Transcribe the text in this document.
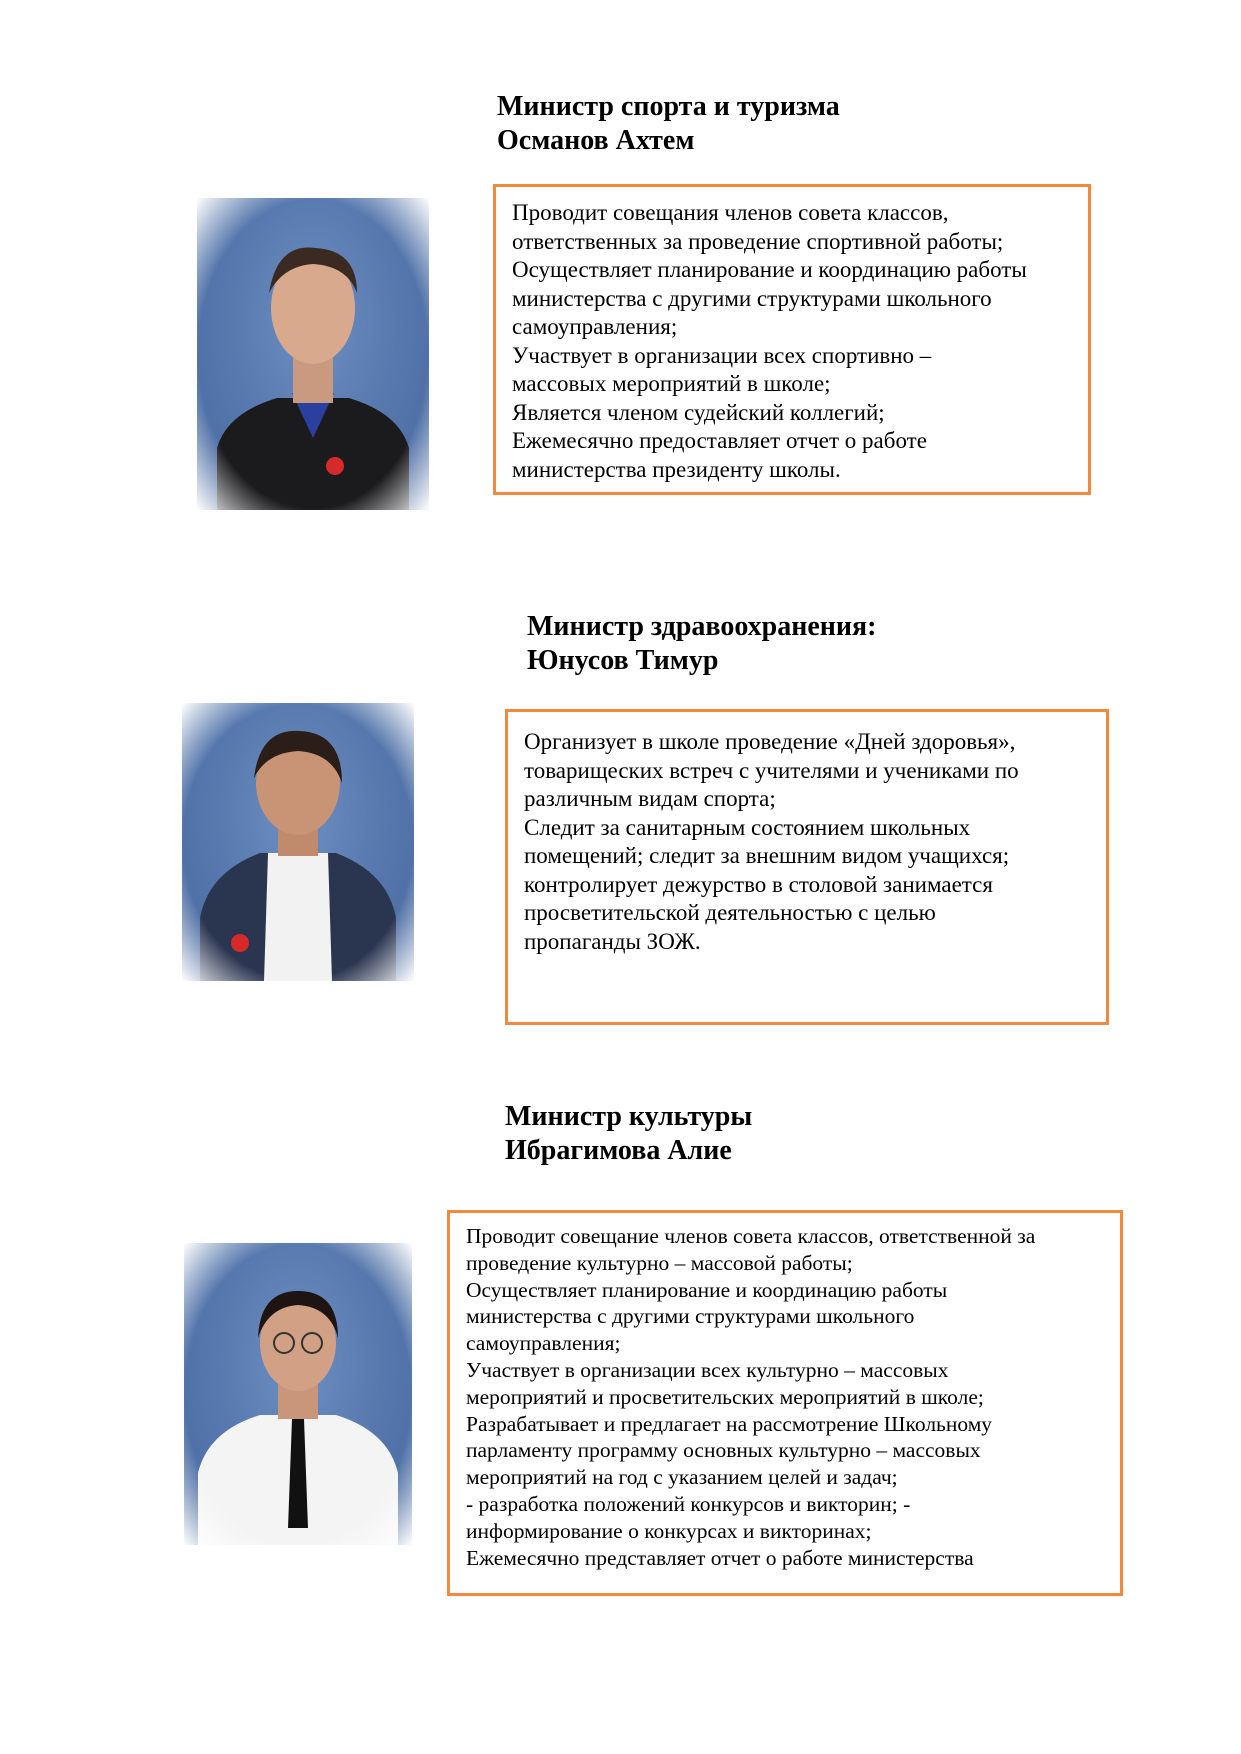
Министр спорта и туризма
Османов Ахтем
Проводит совещания членов совета классов,
ответственных за проведение спортивной работы;
Осуществляет планирование и координацию работы
министерства с другими структурами школьного
самоуправления;
Участвует в организации всех спортивно –
массовых мероприятий в школе;
Является членом судейский коллегий;
Ежемесячно предоставляет отчет о работе
министерства президенту школы.
Министр здравоохранения:
Юнусов Тимур
Организует в школе проведение «Дней здоровья»,
товарищеских встреч с учителями и учениками по
различным видам спорта;
Следит за санитарным состоянием школьных
помещений; следит за внешним видом учащихся;
контролирует дежурство в столовой занимается
просветительской деятельностью с целью
пропаганды ЗОЖ.
Министр культуры
Ибрагимова Алие
Проводит совещание членов совета классов, ответственной за
проведение культурно – массовой работы;
Осуществляет планирование и координацию работы
министерства с другими структурами школьного
самоуправления;
Участвует в организации всех культурно – массовых
мероприятий и просветительских мероприятий в школе;
Разрабатывает и предлагает на рассмотрение Школьному
парламенту программу основных культурно – массовых
мероприятий на год с указанием целей и задач;
- разработка положений конкурсов и викторин; -
информирование о конкурсах и викторинах;
Ежемесячно представляет отчет о работе министерства
